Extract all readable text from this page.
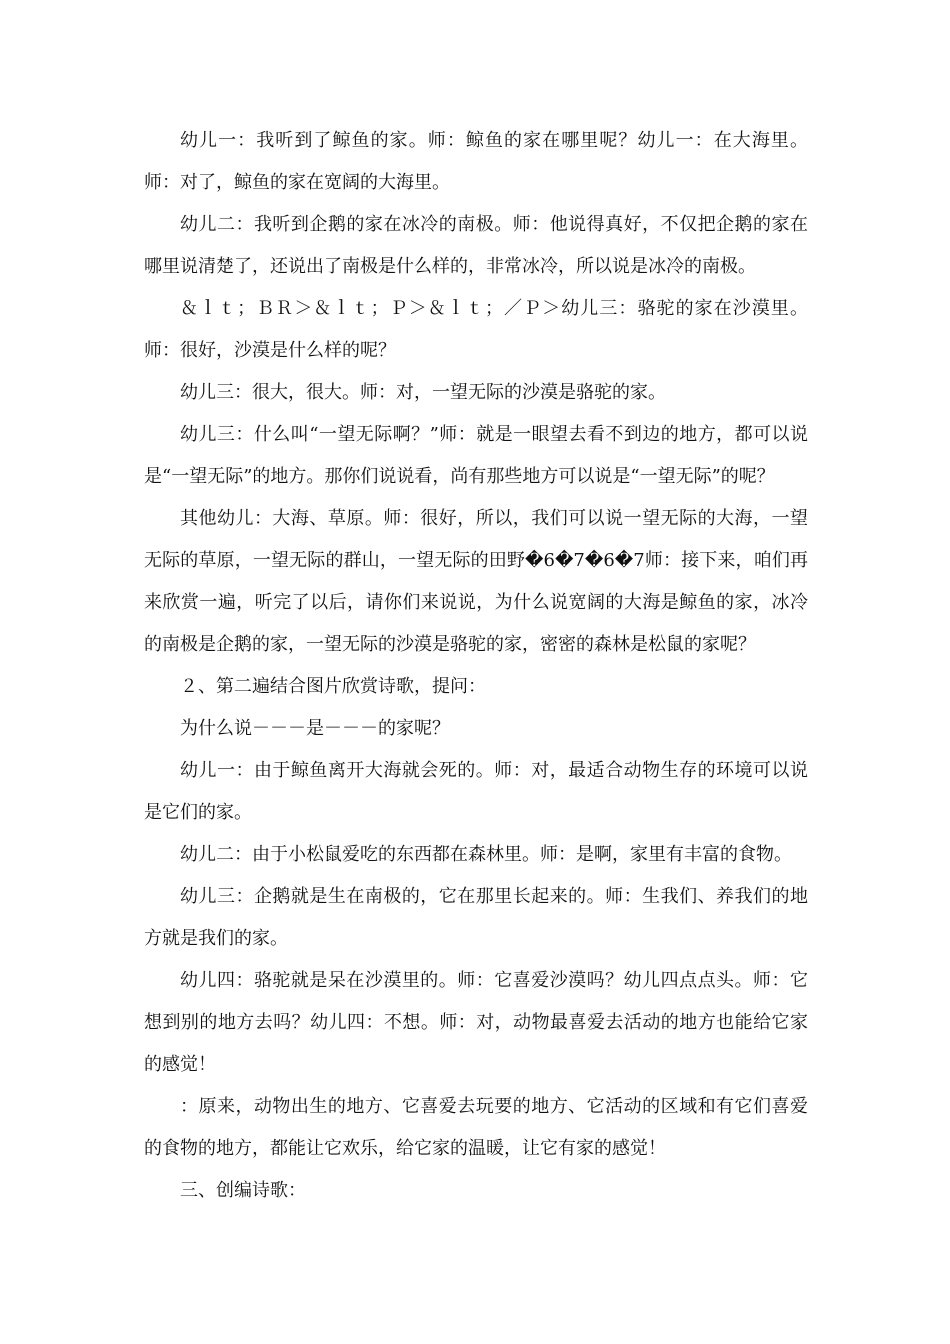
幼儿一：我听到了鲸鱼的家。师：鲸鱼的家在哪里呢？幼儿一：在大海里。师：对了，鲸鱼的家在宽阔的大海里。

幼儿二：我听到企鹅的家在冰冷的南极。师：他说得真好，不仅把企鹅的家在哪里说清楚了，还说出了南极是什么样的，非常冰冷，所以说是冰冷的南极。

＆ｌｔ；ＢＲ＞＆ｌｔ；Ｐ＞＆ｌｔ；／Ｐ＞幼儿三：骆驼的家在沙漠里。师：很好，沙漠是什么样的呢？

幼儿三：很大，很大。师：对，一望无际的沙漠是骆驼的家。

幼儿三：什么叫“一望无际啊？”师：就是一眼望去看不到边的地方，都可以说是“一望无际”的地方。那你们说说看，尚有那些地方可以说是“一望无际”的呢？

其他幼儿：大海、草原。师：很好，所以，我们可以说一望无际的大海，一望无际的草原，一望无际的群山，一望无际的田野�6�7�6�7师：接下来，咱们再来欣赏一遍，听完了以后，请你们来说说，为什么说宽阔的大海是鲸鱼的家，冰冷的南极是企鹅的家，一望无际的沙漠是骆驼的家，密密的森林是松鼠的家呢？

２、第二遍结合图片欣赏诗歌，提问：

为什么说－－－是－－－的家呢？

幼儿一：由于鲸鱼离开大海就会死的。师：对，最适合动物生存的环境可以说是它们的家。

幼儿二：由于小松鼠爱吃的东西都在森林里。师：是啊，家里有丰富的食物。

幼儿三：企鹅就是生在南极的，它在那里长起来的。师：生我们、养我们的地方就是我们的家。

幼儿四：骆驼就是呆在沙漠里的。师：它喜爱沙漠吗？幼儿四点点头。师：它想到别的地方去吗？幼儿四：不想。师：对，动物最喜爱去活动的地方也能给它家的感觉！

：原来，动物出生的地方、它喜爱去玩要的地方、它活动的区域和有它们喜爱的食物的地方，都能让它欢乐，给它家的温暖，让它有家的感觉！

三、创编诗歌：
